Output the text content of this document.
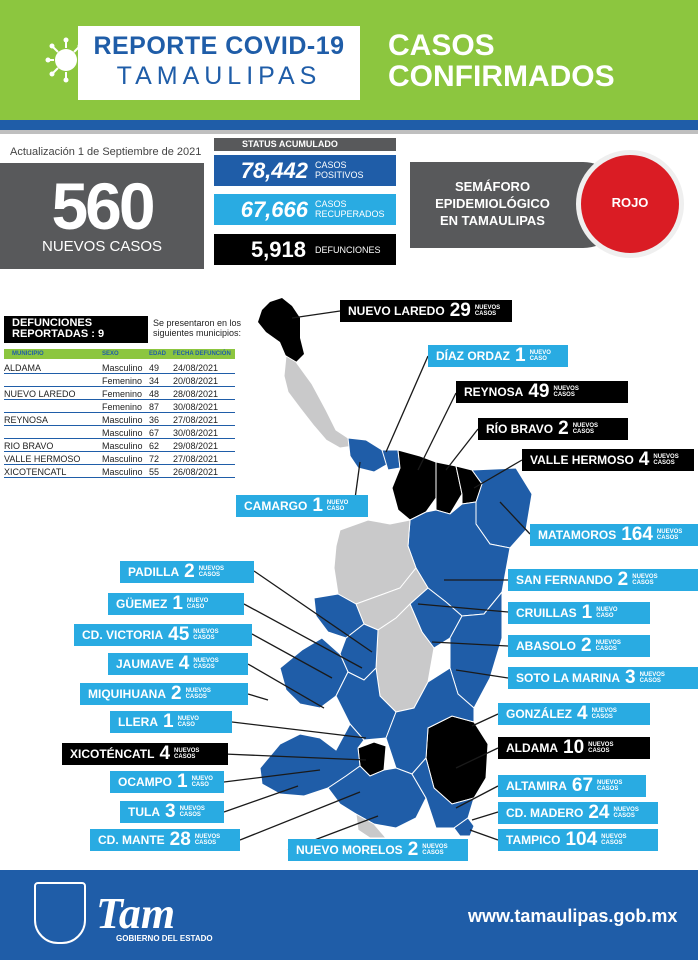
REPORTE COVID-19
TAMAULIPAS
CASOS
CONFIRMADOS
Actualización 1 de Septiembre de 2021
560
NUEVOS CASOS
STATUS ACUMULADO
78,442 CASOS
POSITIVOS
67,666 CASOS
RECUPERADOS
5,918 DEFUNCIONES
SEMÁFORO
EPIDEMIOLÓGICO
EN TAMAULIPAS
ROJO
DEFUNCIONES
REPORTADAS : 9
Se presentaron en los siguientes municipios:
MUNICIPIO	SEXO	EDAD FECHA DEFUNCIÓN
ALDAMA	Masculino 49 24/08/2021
Femenino 34 20/08/2021
NUEVO LAREDO	Femenino 48 28/08/2021
Femenino 87 30/08/2021
REYNOSA	Masculino 36 27/08/2021
Masculino 67 30/08/2021
RIO BRAVO	Masculino 62 29/08/2021
VALLE HERMOSO Masculino 72 27/08/2021
XICOTENCATL	Masculino 55 26/08/2021
NUEVO LAREDO 29 NUEVOS CASOS
DÍAZ ORDAZ 1 NUEVO CASO
REYNOSA 49 NUEVOS CASOS
RÍO BRAVO 2 NUEVOS CASOS
VALLE HERMOSO 4 NUEVOS CASOS
CAMARGO 1 NUEVO CASO
MATAMOROS 164 NUEVOS CASOS
PADILLA 2 NUEVOS CASOS	SAN FERNANDO 2 NUEVOS CASOS
GÜEMEZ 1 NUEVO CASO	CRUILLAS 1 NUEVO CASO
CD. VICTORIA 45 NUEVOS CASOS
ABASOLO 2 NUEVOS CASOS
JAUMAVE 4 NUEVOS CASOS
SOTO LA MARINA 3 NUEVOS CASOS
MIQUIHUANA 2 NUEVOS CASOS
GONZÁLEZ 4 NUEVOS CASOS
LLERA 1 NUEVO CASO
XICOTÉNCATL 4 NUEVOS CASOS
ALDAMA 10 NUEVOS CASOS
OCAMPO 1 NUEVO CASO	ALTAMIRA 67 NUEVOS CASOS
TULA 3 NUEVOS CASOS	CD. MADERO 24 NUEVOS CASOS
CD. MANTE 28 NUEVOS CASOS	TAMPICO 104 NUEVOS CASOS
NUEVO MORELOS 2 NUEVOS CASOS
Tam
GOBIERNO DEL ESTADO
www.tamaulipas.gob.mx
